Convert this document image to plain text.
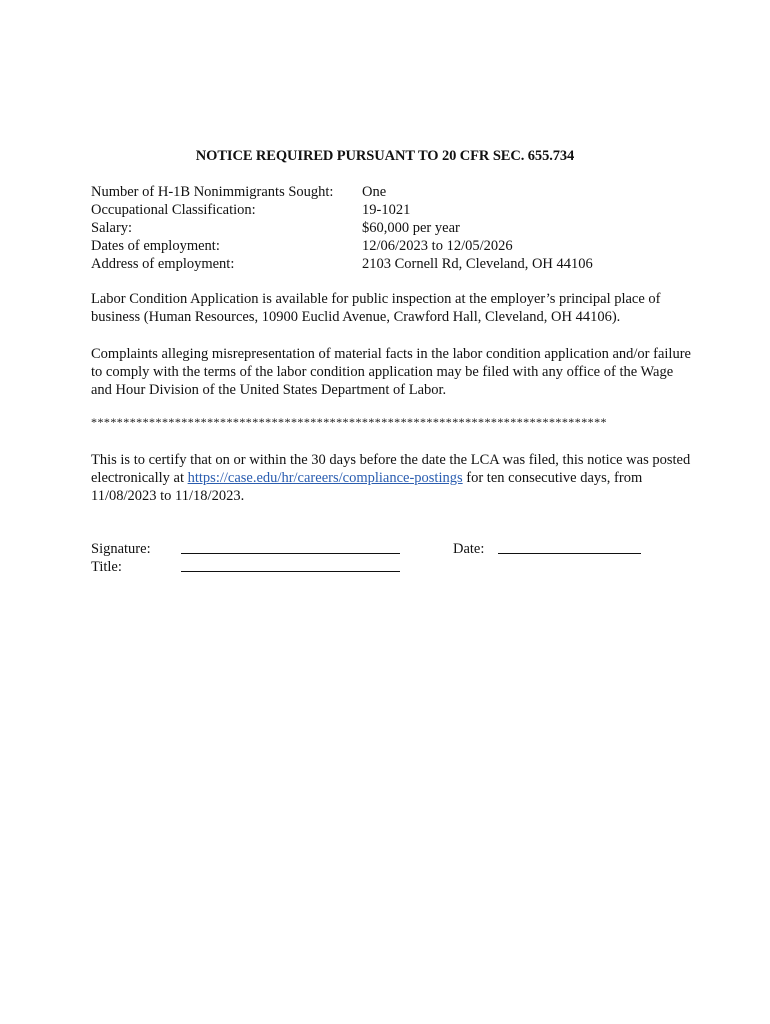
NOTICE REQUIRED PURSUANT TO 20 CFR SEC. 655.734
Number of H-1B Nonimmigrants Sought:	One
Occupational Classification:	19-1021
Salary:	$60,000 per year
Dates of employment:	12/06/2023 to 12/05/2026
Address of employment:	2103 Cornell Rd, Cleveland, OH 44106
Labor Condition Application is available for public inspection at the employer’s principal place of business (Human Resources, 10900 Euclid Avenue, Crawford Hall, Cleveland, OH 44106).
Complaints alleging misrepresentation of material facts in the labor condition application and/or failure to comply with the terms of the labor condition application may be filed with any office of the Wage and Hour Division of the United States Department of Labor.
********************************************************************************
This is to certify that on or within the 30 days before the date the LCA was filed, this notice was posted electronically at https://case.edu/hr/careers/compliance-postings for ten consecutive days, from 11/08/2023 to 11/18/2023.
Signature:	Date:
Title:
